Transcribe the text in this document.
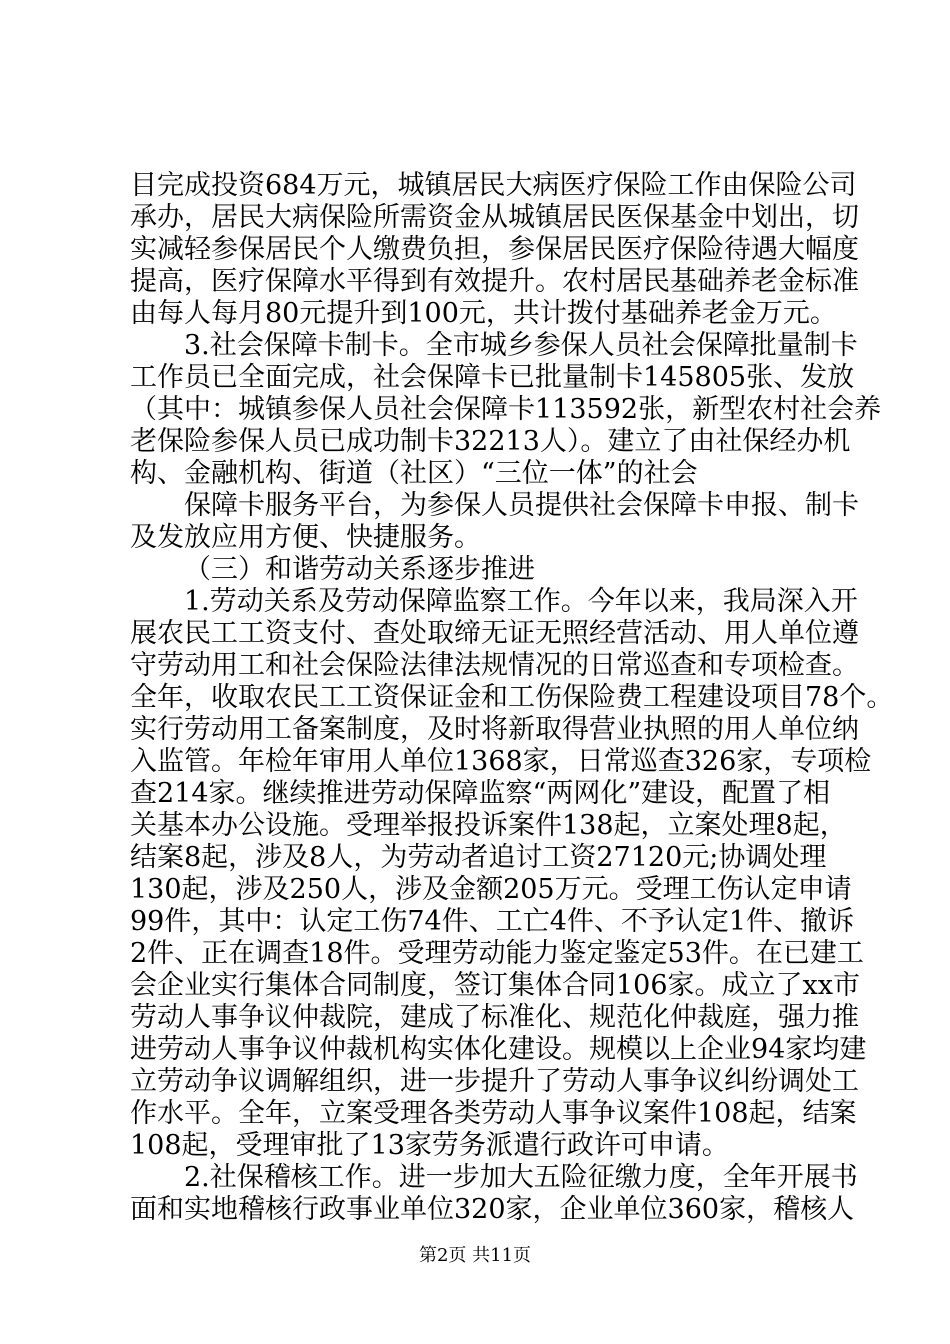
目完成投资684万元，城镇居民大病医疗保险工作由保险公司
承办，居民大病保险所需资金从城镇居民医保基金中划出，切
实减轻参保居民个人缴费负担，参保居民医疗保险待遇大幅度
提高，医疗保障水平得到有效提升。农村居民基础养老金标准
由每人每月80元提升到100元，共计拨付基础养老金万元。
3.社会保障卡制卡。全市城乡参保人员社会保障批量制卡
工作员已全面完成，社会保障卡已批量制卡145805张、发放
（其中：城镇参保人员社会保障卡113592张，新型农村社会养
老保险参保人员已成功制卡32213人）。建立了由社保经办机
构、金融机构、街道（社区）“三位一体”的社会
保障卡服务平台，为参保人员提供社会保障卡申报、制卡
及发放应用方便、快捷服务。
（三）和谐劳动关系逐步推进
1.劳动关系及劳动保障监察工作。今年以来，我局深入开
展农民工工资支付、查处取缔无证无照经营活动、用人单位遵
守劳动用工和社会保险法律法规情况的日常巡查和专项检查。
全年，收取农民工工资保证金和工伤保险费工程建设项目78个。
实行劳动用工备案制度，及时将新取得营业执照的用人单位纳
入监管。年检年审用人单位1368家，日常巡查326家，专项检
查214家。继续推进劳动保障监察“两网化”建设，配置了相
关基本办公设施。受理举报投诉案件138起，立案处理8起，
结案8起，涉及8人，为劳动者追讨工资27120元;协调处理
130起，涉及250人，涉及金额205万元。受理工伤认定申请
99件，其中：认定工伤74件、工亡4件、不予认定1件、撤诉
2件、正在调查18件。受理劳动能力鉴定鉴定53件。在已建工
会企业实行集体合同制度，签订集体合同106家。成立了xx市
劳动人事争议仲裁院，建成了标准化、规范化仲裁庭，强力推
进劳动人事争议仲裁机构实体化建设。规模以上企业94家均建
立劳动争议调解组织，进一步提升了劳动人事争议纠纷调处工
作水平。全年，立案受理各类劳动人事争议案件108起，结案
108起，受理审批了13家劳务派遣行政许可申请。
2.社保稽核工作。进一步加大五险征缴力度，全年开展书
面和实地稽核行政事业单位320家，企业单位360家，稽核人
第2页 共11页
